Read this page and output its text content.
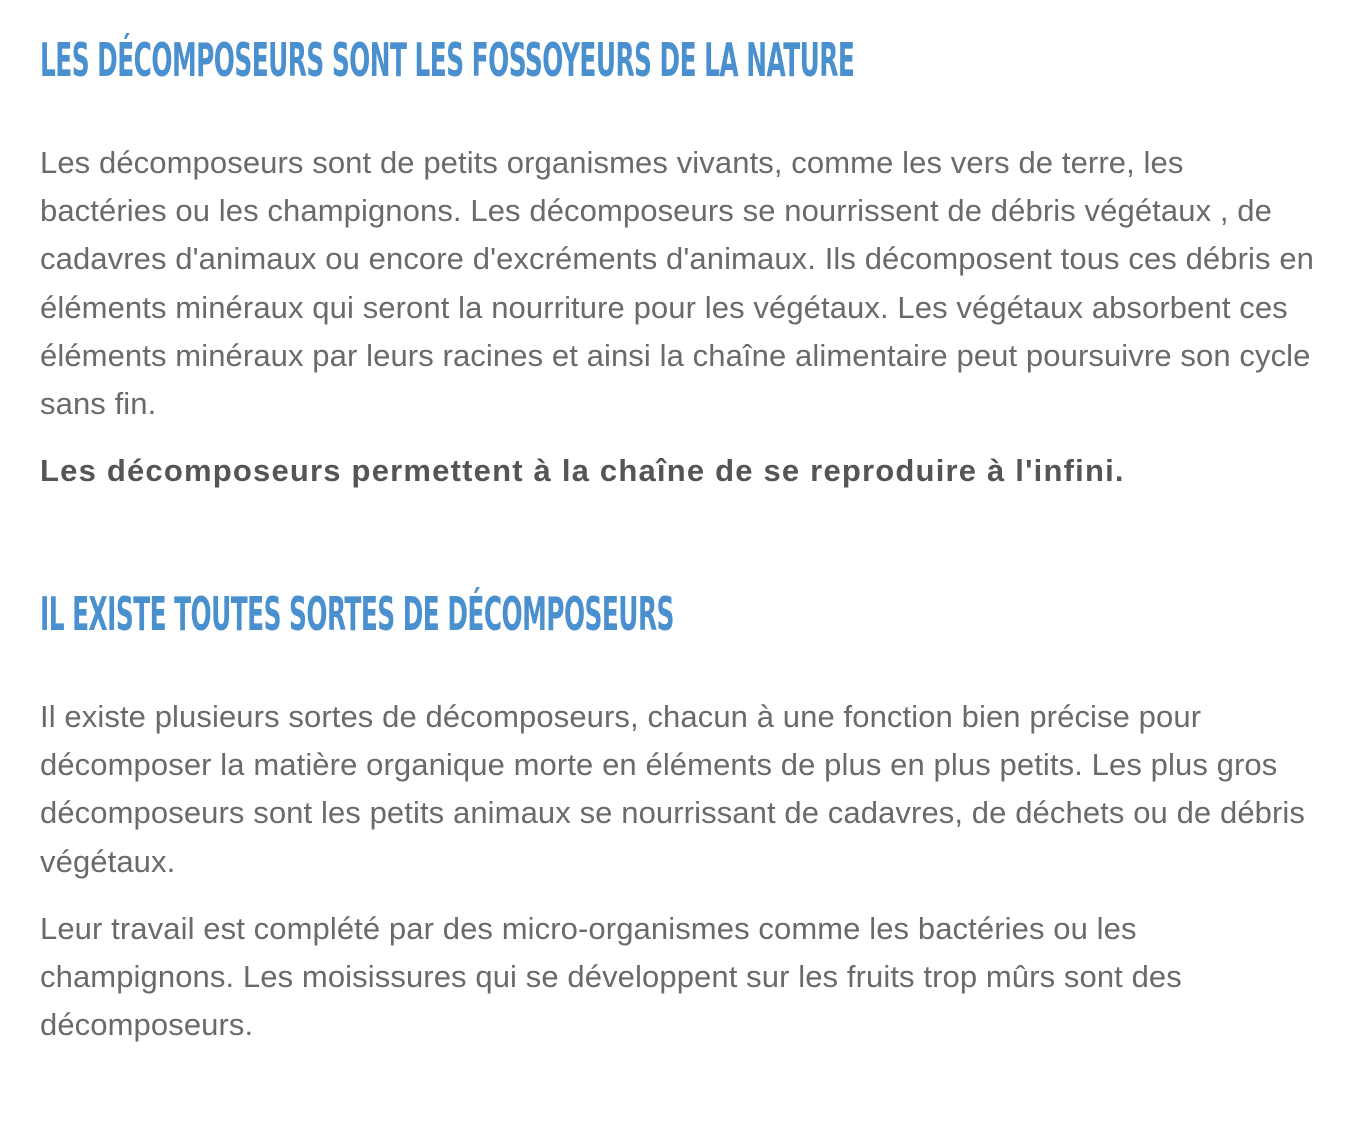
LES DÉCOMPOSEURS SONT LES FOSSOYEURS DE LA NATURE

Les décomposeurs sont de petits organismes vivants, comme les vers de terre, les bactéries ou les champignons. Les décomposeurs se nourrissent de débris végétaux , de cadavres d'animaux ou encore d'excréments d'animaux. Ils décomposent tous ces débris en éléments minéraux qui seront la nourriture pour les végétaux. Les végétaux absorbent ces éléments minéraux par leurs racines et ainsi la chaîne alimentaire peut poursuivre son cycle sans fin.

Les décomposeurs permettent à la chaîne de se reproduire à l'infini.

IL EXISTE TOUTES SORTES DE DÉCOMPOSEURS

Il existe plusieurs sortes de décomposeurs, chacun à une fonction bien précise pour décomposer la matière organique morte en éléments de plus en plus petits. Les plus gros décomposeurs sont les petits animaux se nourrissant de cadavres, de déchets ou de débris végétaux.

Leur travail est complété par des micro-organismes comme les bactéries ou les champignons. Les moisissures qui se développent sur les fruits trop mûrs sont des décomposeurs.
